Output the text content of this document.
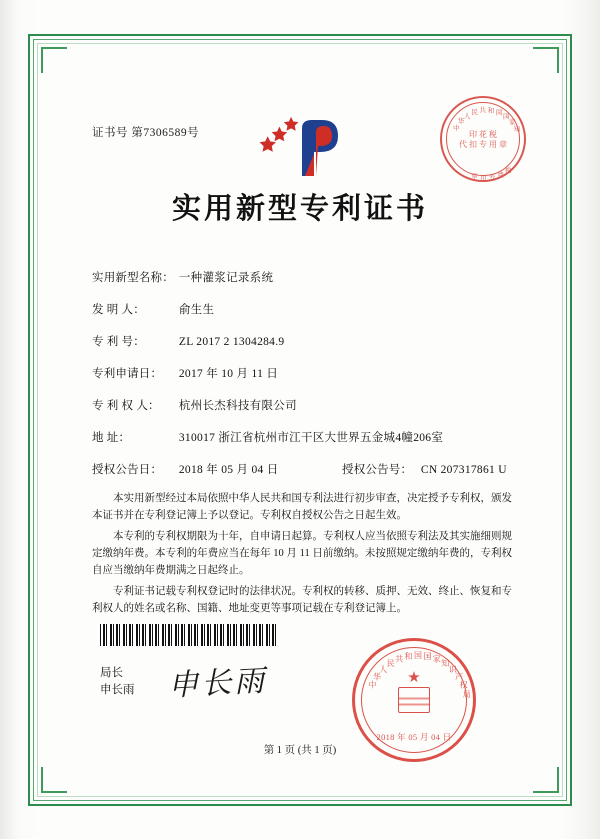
证书号 第7306589号	中
华
人
民 共 和 国
国
家
知
税
费
专
用
章
印 花 税
代 扣 专 用 章
实用新型专利证书
实用新型名称： 一种灌浆记录系统
发 明 人：	俞生生
专 利 号：	ZL 2017 2 1304284.9
专利申请日： 2017 年 10 月 11 日
专 利 权 人： 杭州长杰科技有限公司
地 址：	310017 浙江省杭州市江干区大世界五金城4幢206室
授权公告日： 2018 年 05 月 04 日	授权公告号： CN 207317861 U

本实用新型经过本局依照中华人民共和国专利法进行初步审查，决定授予专利权，颁发本证书并在专利登记簿上予以登记。专利权自授权公告之日起生效。

本专利的专利权期限为十年，自申请日起算。专利权人应当依照专利法及其实施细则规定缴纳年费。本专利的年费应当在每年 10 月 11 日前缴纳。未按照规定缴纳年费的，专利权自应当缴纳年费期满之日起终止。

专利证书记载专利权登记时的法律状况。专利权的转移、质押、无效、终止、恢复和专利权人的姓名或名称、国籍、地址变更等事项记载在专利登记簿上。

局长
申长雨 申长雨	★
中
华
人
民 共 和 国 国 家 知
识
产
权
局
2018 年 05 月 04 日
第 1 页 (共 1 页)
